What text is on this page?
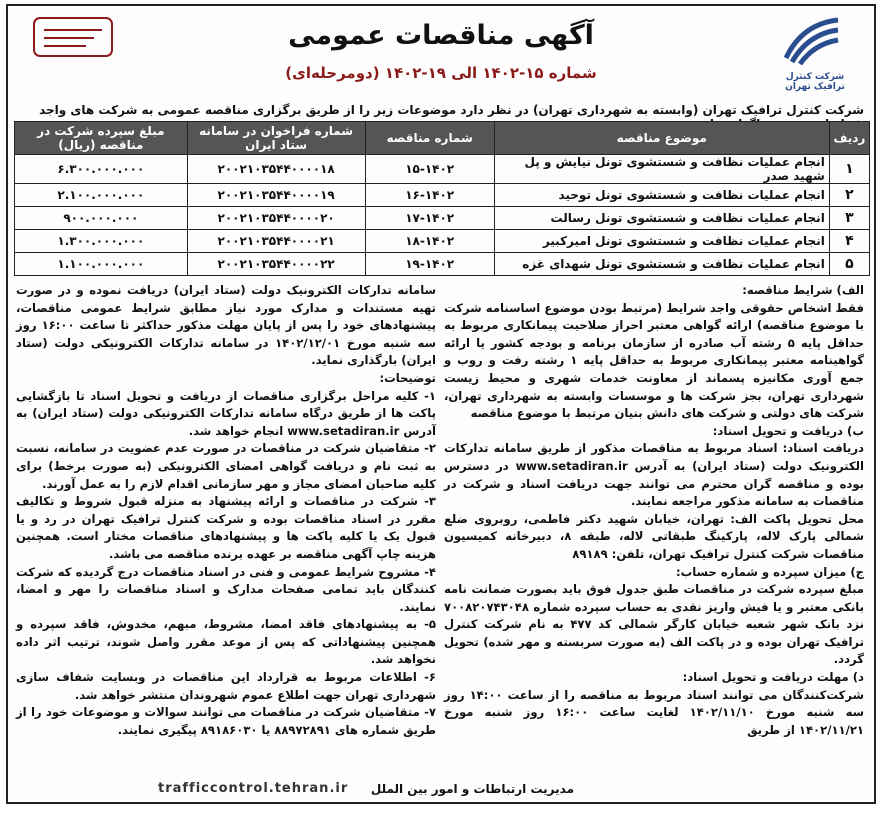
آگهی مناقصات عمومی
شماره ۱۵-۱۴۰۲ الی ۱۹-۱۴۰۲ (دومرحله‌ای)	شرکت کنترل ترافیک تهران
شرکت کنترل ترافیک تهران (وابسته به شهرداری تهران) در نظر دارد موضوعات زیر را از طریق برگزاری مناقصه عمومی به شرکت های واجد
ردیف	موضوع مناقصه	شماره مناقصه	شماره فراخوان در سامانه ستاد ایران	مبلغ سپرده شرکت در مناقصه (ریال)
۱	انجام عملیات نظافت و شستشوی تونل نیایش و پل شهید صدر	۱۵-۱۴۰۲	۲۰۰۲۱۰۳۵۴۴۰۰۰۰۱۸	۶.۳۰۰.۰۰۰.۰۰۰
۲	انجام عملیات نظافت و شستشوی تونل توحید	۱۶-۱۴۰۲	۲۰۰۲۱۰۳۵۴۴۰۰۰۰۱۹	۲.۱۰۰.۰۰۰.۰۰۰
۳	انجام عملیات نظافت و شستشوی تونل رسالت	۱۷-۱۴۰۲	۲۰۰۲۱۰۳۵۴۴۰۰۰۰۲۰	۹۰۰.۰۰۰.۰۰۰
۴	انجام عملیات نظافت و شستشوی تونل امیرکبیر	۱۸-۱۴۰۲	۲۰۰۲۱۰۳۵۴۴۰۰۰۰۲۱	۱.۳۰۰.۰۰۰.۰۰۰
۵	انجام عملیات نظافت و شستشوی تونل شهدای غزه	۱۹-۱۴۰۲	۲۰۰۲۱۰۳۵۴۴۰۰۰۰۲۲	۱.۱۰۰.۰۰۰.۰۰۰

الف) شرایط مناقصه:

فقط اشخاص حقوقی واجد شرایط (مرتبط بودن موضوع اساسنامه شرکت با موضوع مناقصه) ارائه گواهی معتبر احراز صلاحیت پیمانکاری مربوط به حداقل پایه ۵ رشته آب صادره از سازمان برنامه و بودجه کشور یا ارائه گواهینامه معتبر پیمانکاری مربوط به حداقل پایه ۱ رشته رفت و روب و جمع آوری مکانیزه پسماند از معاونت خدمات شهری و محیط زیست شهرداری تهران، بجز شرکت ها و موسسات وابسته به شهرداری تهران، شرکت های دولتی و شرکت های دانش بنیان مرتبط با موضوع مناقصه

ب) دریافت و تحویل اسناد:

دریافت اسناد: اسناد مربوط به مناقصات مذکور از طریق سامانه تدارکات الکترونیک دولت (ستاد ایران) به آدرس www.setadiran.ir در دسترس بوده و مناقصه گران محترم می توانند جهت دریافت اسناد و شرکت در مناقصات به سامانه مذکور مراجعه نمایند.

محل تحویل پاکت الف: تهران، خیابان شهید دکتر فاطمی، روبروی ضلع شمالی پارک لاله، پارکینگ طبقاتی لاله، طبقه ۸، دبیرخانه کمیسیون مناقصات شرکت کنترل ترافیک تهران، تلفن: ۸۹۱۸۹

ج) میزان سپرده و شماره حساب:

مبلغ سپرده شرکت در مناقصات طبق جدول فوق باید بصورت ضمانت نامه بانکی معتبر و یا فیش واریز نقدی به حساب سپرده شماره ۷۰۰۸۲۰۷۴۳۰۴۸ نزد بانک شهر شعبه خیابان کارگر شمالی کد ۴۷۷ به نام شرکت کنترل ترافیک تهران بوده و در پاکت الف (به صورت سربسته و مهر شده) تحویل گردد.

د) مهلت دریافت و تحویل اسناد:

شرکت‌کنندگان می توانند اسناد مربوط به مناقصه را از ساعت ۱۴:۰۰ روز سه شنبه مورخ ۱۴۰۲/۱۱/۱۰ لغایت ساعت ۱۶:۰۰ روز شنبه مورخ ۱۴۰۲/۱۱/۲۱ از طریق

سامانه تدارکات الکترونیک دولت (ستاد ایران) دریافت نموده و در صورت تهیه مستندات و مدارک مورد نیاز مطابق شرایط عمومی مناقصات، پیشنهادهای خود را پس از پایان مهلت مذکور حداکثر تا ساعت ۱۶:۰۰ روز سه شنبه مورخ ۱۴۰۲/۱۲/۰۱ در سامانه تدارکات الکترونیکی دولت (ستاد ایران) بارگذاری نماید.

توضیحات:

۱- کلیه مراحل برگزاری مناقصات از دریافت و تحویل اسناد تا بازگشایی پاکت ها از طریق درگاه سامانه تدارکات الکترونیکی دولت (ستاد ایران) به آدرس www.setadiran.ir انجام خواهد شد.

۲- متقاضیان شرکت در مناقصات در صورت عدم عضویت در سامانه، نسبت به ثبت نام و دریافت گواهی امضای الکترونیکی (به صورت برخط) برای کلیه صاحبان امضای مجاز و مهر سازمانی اقدام لازم را به عمل آورند.

۳- شرکت در مناقصات و ارائه پیشنهاد به منزله قبول شروط و تکالیف مقرر در اسناد مناقصات بوده و شرکت کنترل ترافیک تهران در رد و یا قبول یک یا کلیه پاکت ها و پیشنهادهای مناقصات مختار است. همچنین هزینه چاپ آگهی مناقصه بر عهده برنده مناقصه می باشد.

۴- مشروح شرایط عمومی و فنی در اسناد مناقصات درج گردیده که شرکت کنندگان باید تمامی صفحات مدارک و اسناد مناقصات را مهر و امضا، نمایند.

۵- به پیشنهادهای فاقد امضا، مشروط، مبهم، مخدوش، فاقد سپرده و همچنین پیشنهاداتی که پس از موعد مقرر واصل شوند، ترتیب اثر داده نخواهد شد.

۶- اطلاعات مربوط به قرارداد این مناقصات در وبسایت شفاف سازی شهرداری تهران جهت اطلاع عموم شهروندان منتشر خواهد شد.

۷- متقاضیان شرکت در مناقصات می توانند سوالات و موضوعات خود را از طریق شماره های ۸۸۹۷۲۸۹۱ یا ۸۹۱۸۶۰۳۰ پیگیری نمایند.

trafficcontrol.tehran.ir مدیریت ارتباطات و امور بین الملل
